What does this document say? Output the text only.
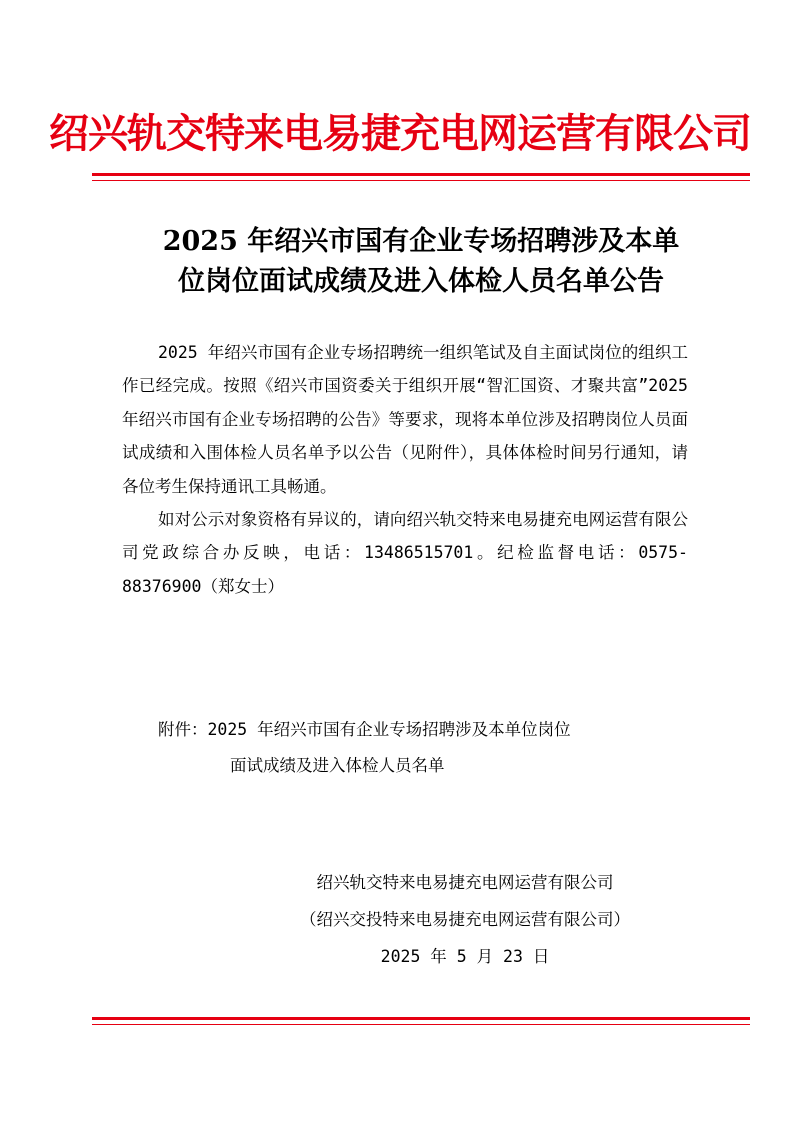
绍兴轨交特来电易捷充电网运营有限公司
2025 年绍兴市国有企业专场招聘涉及本单
位岗位面试成绩及进入体检人员名单公告

2025 年绍兴市国有企业专场招聘统一组织笔试及自主面试岗位的组织工作已经完成。按照《绍兴市国资委关于组织开展“智汇国资、才聚共富”2025 年绍兴市国有企业专场招聘的公告》等要求，现将本单位涉及招聘岗位人员面试成绩和入围体检人员名单予以公告（见附件），具体体检时间另行通知，请各位考生保持通讯工具畅通。

如对公示对象资格有异议的，请向绍兴轨交特来电易捷充电网运营有限公司党政综合办反映，电话：13486515701。纪检监督电话：0575-88376900（郑女士）

附件：2025 年绍兴市国有企业专场招聘涉及本单位岗位
面试成绩及进入体检人员名单
绍兴轨交特来电易捷充电网运营有限公司
（绍兴交投特来电易捷充电网运营有限公司）
2025 年 5 月 23 日
